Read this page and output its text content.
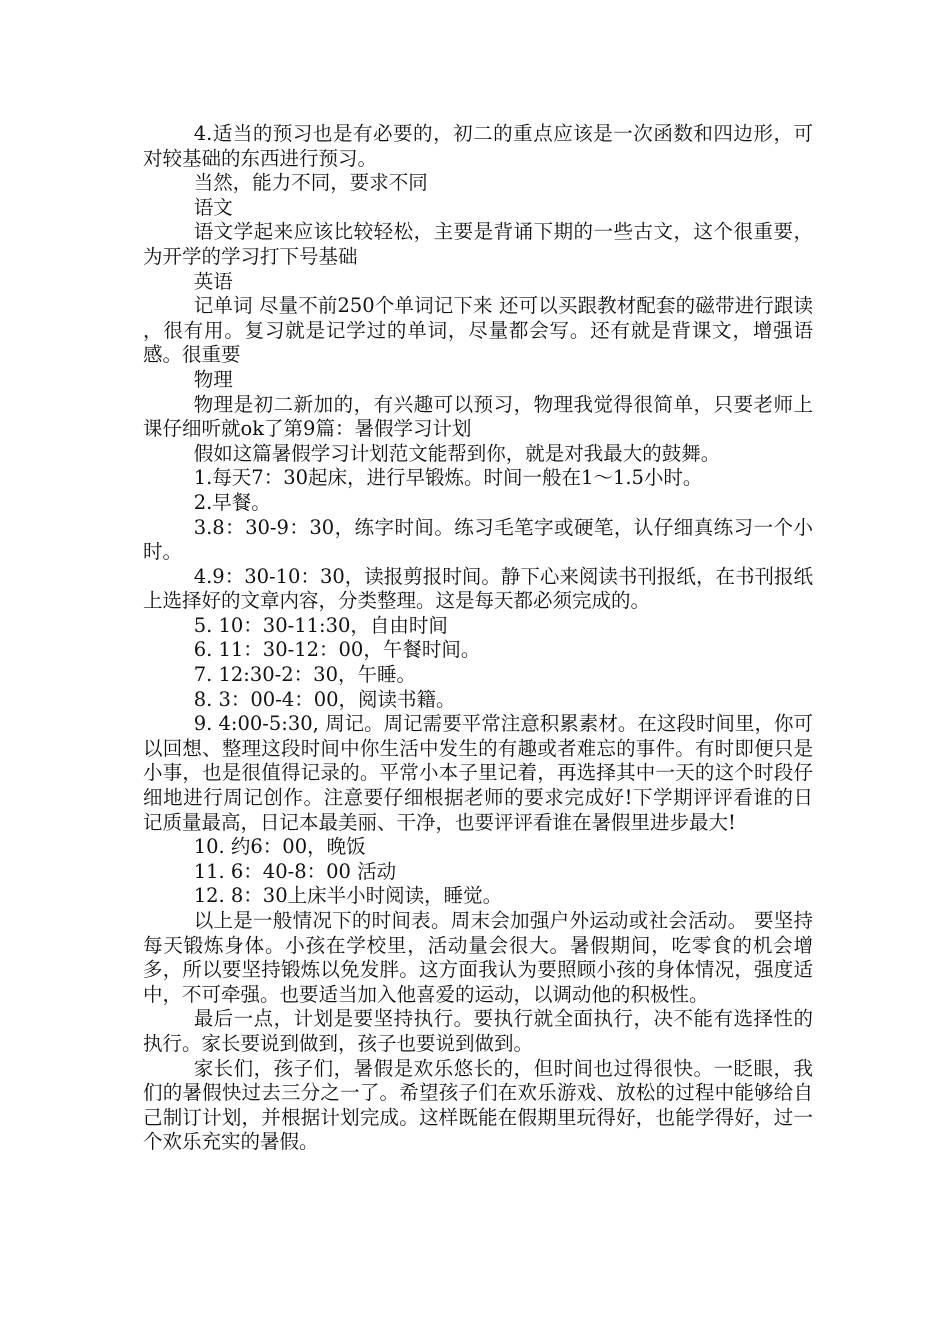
4.适当的预习也是有必要的，初二的重点应该是一次函数和四边形，可对较基础的东西进行预习。

当然，能力不同，要求不同

语文

语文学起来应该比较轻松，主要是背诵下期的一些古文，这个很重要，为开学的学习打下号基础

英语

记单词 尽量不前250个单词记下来 还可以买跟教材配套的磁带进行跟读 ，很有用。复习就是记学过的单词，尽量都会写。还有就是背课文，增强语感。很重要

物理

物理是初二新加的，有兴趣可以预习，物理我觉得很简单，只要老师上课仔细听就ok了第9篇：暑假学习计划

假如这篇暑假学习计划范文能帮到你，就是对我最大的鼓舞。

1.每天7：30起床，进行早锻炼。时间一般在1～1.5小时。

2.早餐。

3.8：30-9：30，练字时间。练习毛笔字或硬笔，认仔细真练习一个小时。

4.9：30-10：30，读报剪报时间。静下心来阅读书刊报纸，在书刊报纸上选择好的文章内容，分类整理。这是每天都必须完成的。

5. 10：30-11:30，自由时间

6. 11：30-12：00，午餐时间。

7. 12:30-2：30，午睡。

8. 3：00-4：00，阅读书籍。

9. 4:00-5:30, 周记。周记需要平常注意积累素材。在这段时间里，你可以回想、整理这段时间中你生活中发生的有趣或者难忘的事件。有时即便只是小事，也是很值得记录的。平常小本子里记着，再选择其中一天的这个时段仔细地进行周记创作。注意要仔细根据老师的要求完成好!下学期评评看谁的日记质量最高，日记本最美丽、干净，也要评评看谁在暑假里进步最大!

10. 约6：00，晚饭

11. 6：40-8：00 活动

12. 8：30上床半小时阅读，睡觉。

以上是一般情况下的时间表。周末会加强户外运动或社会活动。 要坚持每天锻炼身体。小孩在学校里，活动量会很大。暑假期间，吃零食的机会增多，所以要坚持锻炼以免发胖。这方面我认为要照顾小孩的身体情况，强度适中，不可牵强。也要适当加入他喜爱的运动，以调动他的积极性。

最后一点，计划是要坚持执行。要执行就全面执行，决不能有选择性的执行。家长要说到做到，孩子也要说到做到。

家长们，孩子们，暑假是欢乐悠长的，但时间也过得很快。一眨眼，我们的暑假快过去三分之一了。希望孩子们在欢乐游戏、放松的过程中能够给自己制订计划，并根据计划完成。这样既能在假期里玩得好，也能学得好，过一个欢乐充实的暑假。
